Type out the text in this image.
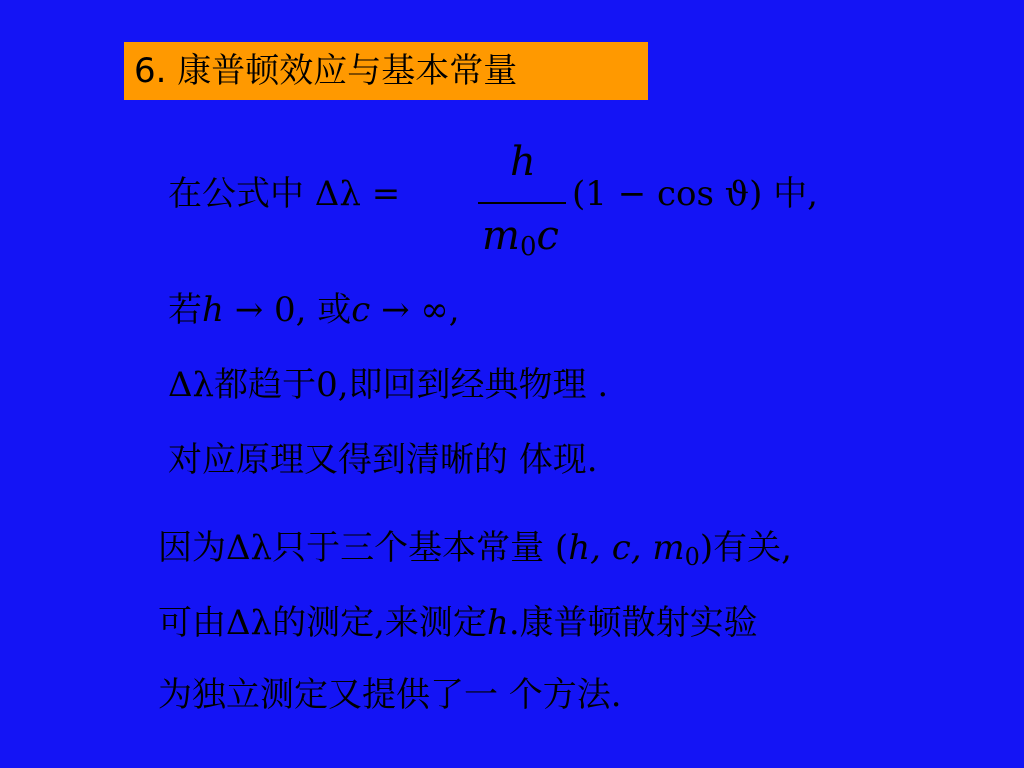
6. 康普顿效应与基本常量
在公式中 Δλ =
h
$m_0c$
(1 − cos ϑ) 中,
若h → 0, 或c → ∞,
Δλ都趋于0,即回到经典物理 .
对应原理又得到清晰的 体现.
因为Δλ只于三个基本常量 (h, c, $m_0$)有关,
可由Δλ的测定,来测定h.康普顿散射实验
为独立测定又提供了一 个方法.
